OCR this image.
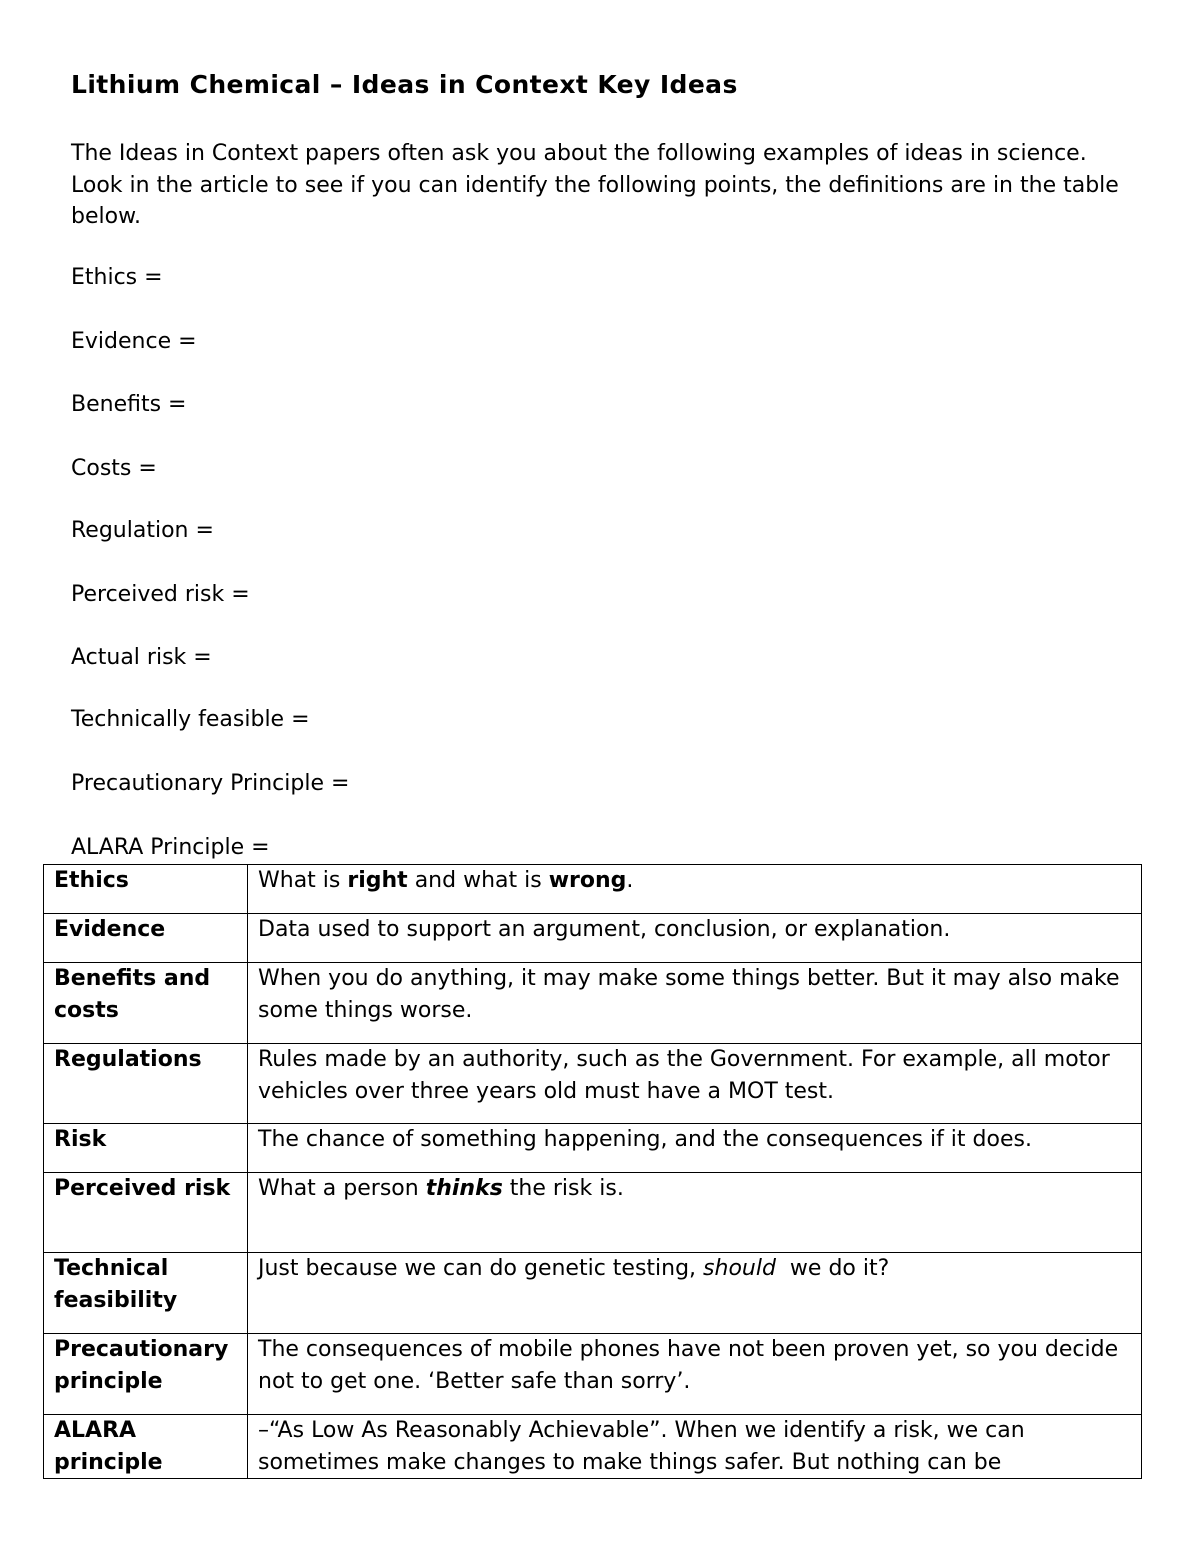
Lithium Chemical – Ideas in Context Key Ideas

The Ideas in Context papers often ask you about the following examples of ideas in science. Look in the article to see if you can identify the following points, the definitions are in the table below.

Ethics =
Evidence =
Benefits =
Costs =
Regulation =
Perceived risk =
Actual risk =
Technically feasible =
Precautionary Principle =
ALARA Principle =
Ethics	What is right and what is wrong.
Evidence	Data used to support an argument, conclusion, or explanation.
Benefits and costs	When you do anything, it may make some things better. But it may also make some things worse.
Regulations	Rules made by an authority, such as the Government. For example, all motor vehicles over three years old must have a MOT test.
Risk	The chance of something happening, and the consequences if it does.
Perceived risk	What a person thinks the risk is.
Technical feasibility	Just because we can do genetic testing, should  we do it?
Precautionary principle	The consequences of mobile phones have not been proven yet, so you decide not to get one. ‘Better safe than sorry’.
ALARA principle	–“As Low As Reasonably Achievable”. When we identify a risk, we can sometimes make changes to make things safer. But nothing can be
